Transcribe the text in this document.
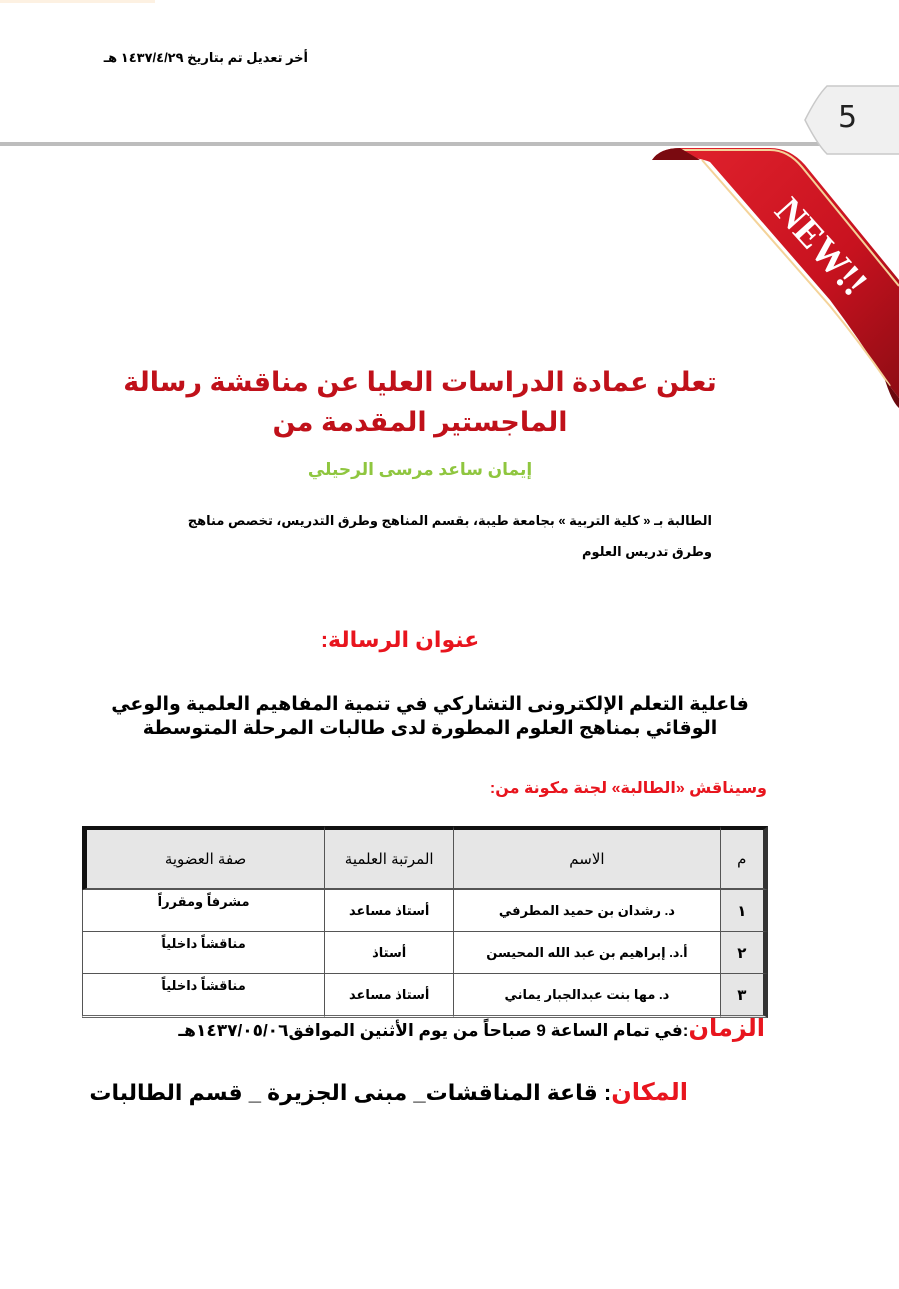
أخر تعديل تم بتاريخ ١٤٣٧/٤/٢٩ هـ
5
NEW!!
تعلن عمادة الدراسات العليا عن مناقشة رسالة الماجستير المقدمة من
إيمان ساعد مرسى الرحيلي
الطالبة بـ « كلية التربية » بجامعة طيبة، بقسم المناهج وطرق التدريس، تخصص مناهج وطرق تدريس العلوم
عنوان الرسالة:
فاعلية التعلم الإلكترونى التشاركي في تنمية المفاهيم العلمية والوعي الوقائي بمناهج العلوم المطورة لدى طالبات المرحلة المتوسطة
وسيناقش «الطالبة» لجنة مكونة من:
م	الاسم	المرتبة العلمية	صفة العضوية
١	د. رشدان بن حميد المطرفي	أستاذ مساعد	مشرفاً ومقرراً
٢	أ.د. إبراهيم بن عبد الله المحيسن	أستاذ	مناقشاً داخلياً
٣	د. مها بنت عبدالجبار يماني	أستاذ مساعد	مناقشاً داخلياً
الزمان:في تمام الساعة 9 صباحاً من يوم الأثنين الموافق١٤٣٧/٠٥/٠٦هـ
المكان: قاعة المناقشات_ مبنى الجزيرة _ قسم الطالبات
